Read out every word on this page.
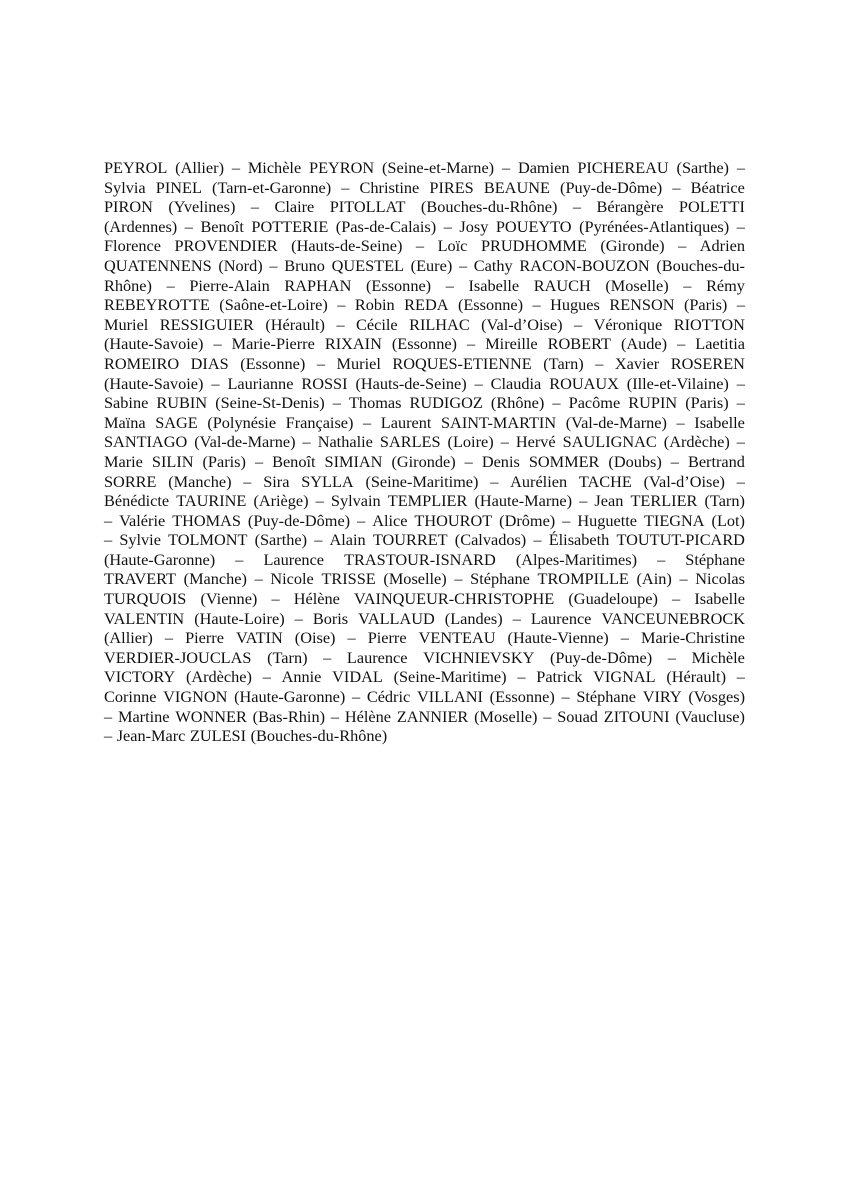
PEYROL (Allier) – Michèle PEYRON (Seine-et-Marne) – Damien PICHEREAU (Sarthe) –
Sylvia PINEL (Tarn-et-Garonne) – Christine PIRES BEAUNE (Puy-de-Dôme) – Béatrice
PIRON (Yvelines) – Claire PITOLLAT (Bouches-du-Rhône) – Bérangère POLETTI
(Ardennes) – Benoît POTTERIE (Pas-de-Calais) – Josy POUEYTO (Pyrénées-Atlantiques) –
Florence PROVENDIER (Hauts-de-Seine) – Loïc PRUDHOMME (Gironde) – Adrien
QUATENNENS (Nord) – Bruno QUESTEL (Eure) – Cathy RACON-BOUZON (Bouches-du-
Rhône) – Pierre-Alain RAPHAN (Essonne) – Isabelle RAUCH (Moselle) – Rémy
REBEYROTTE (Saône-et-Loire) – Robin REDA (Essonne) – Hugues RENSON (Paris) –
Muriel RESSIGUIER (Hérault) – Cécile RILHAC (Val-d’Oise) – Véronique RIOTTON
(Haute-Savoie) – Marie-Pierre RIXAIN (Essonne) – Mireille ROBERT (Aude) – Laetitia
ROMEIRO DIAS (Essonne) – Muriel ROQUES-ETIENNE (Tarn) – Xavier ROSEREN
(Haute-Savoie) – Laurianne ROSSI (Hauts-de-Seine) – Claudia ROUAUX (Ille-et-Vilaine) –
Sabine RUBIN (Seine-St-Denis) – Thomas RUDIGOZ (Rhône) – Pacôme RUPIN (Paris) –
Maïna SAGE (Polynésie Française) – Laurent SAINT-MARTIN (Val-de-Marne) – Isabelle
SANTIAGO (Val-de-Marne) – Nathalie SARLES (Loire) – Hervé SAULIGNAC (Ardèche) –
Marie SILIN (Paris) – Benoît SIMIAN (Gironde) – Denis SOMMER (Doubs) – Bertrand
SORRE (Manche) – Sira SYLLA (Seine-Maritime) – Aurélien TACHE (Val-d’Oise) –
Bénédicte TAURINE (Ariège) – Sylvain TEMPLIER (Haute-Marne) – Jean TERLIER (Tarn)
– Valérie THOMAS (Puy-de-Dôme) – Alice THOUROT (Drôme) – Huguette TIEGNA (Lot)
– Sylvie TOLMONT (Sarthe) – Alain TOURRET (Calvados) – Élisabeth TOUTUT-PICARD
(Haute-Garonne) – Laurence TRASTOUR-ISNARD (Alpes-Maritimes) – Stéphane
TRAVERT (Manche) – Nicole TRISSE (Moselle) – Stéphane TROMPILLE (Ain) – Nicolas
TURQUOIS (Vienne) – Hélène VAINQUEUR-CHRISTOPHE (Guadeloupe) – Isabelle
VALENTIN (Haute-Loire) – Boris VALLAUD (Landes) – Laurence VANCEUNEBROCK
(Allier) – Pierre VATIN (Oise) – Pierre VENTEAU (Haute-Vienne) – Marie-Christine
VERDIER-JOUCLAS (Tarn) – Laurence VICHNIEVSKY (Puy-de-Dôme) – Michèle
VICTORY (Ardèche) – Annie VIDAL (Seine-Maritime) – Patrick VIGNAL (Hérault) –
Corinne VIGNON (Haute-Garonne) – Cédric VILLANI (Essonne) – Stéphane VIRY (Vosges)
– Martine WONNER (Bas-Rhin) – Hélène ZANNIER (Moselle) – Souad ZITOUNI (Vaucluse)
– Jean-Marc ZULESI (Bouches-du-Rhône)
